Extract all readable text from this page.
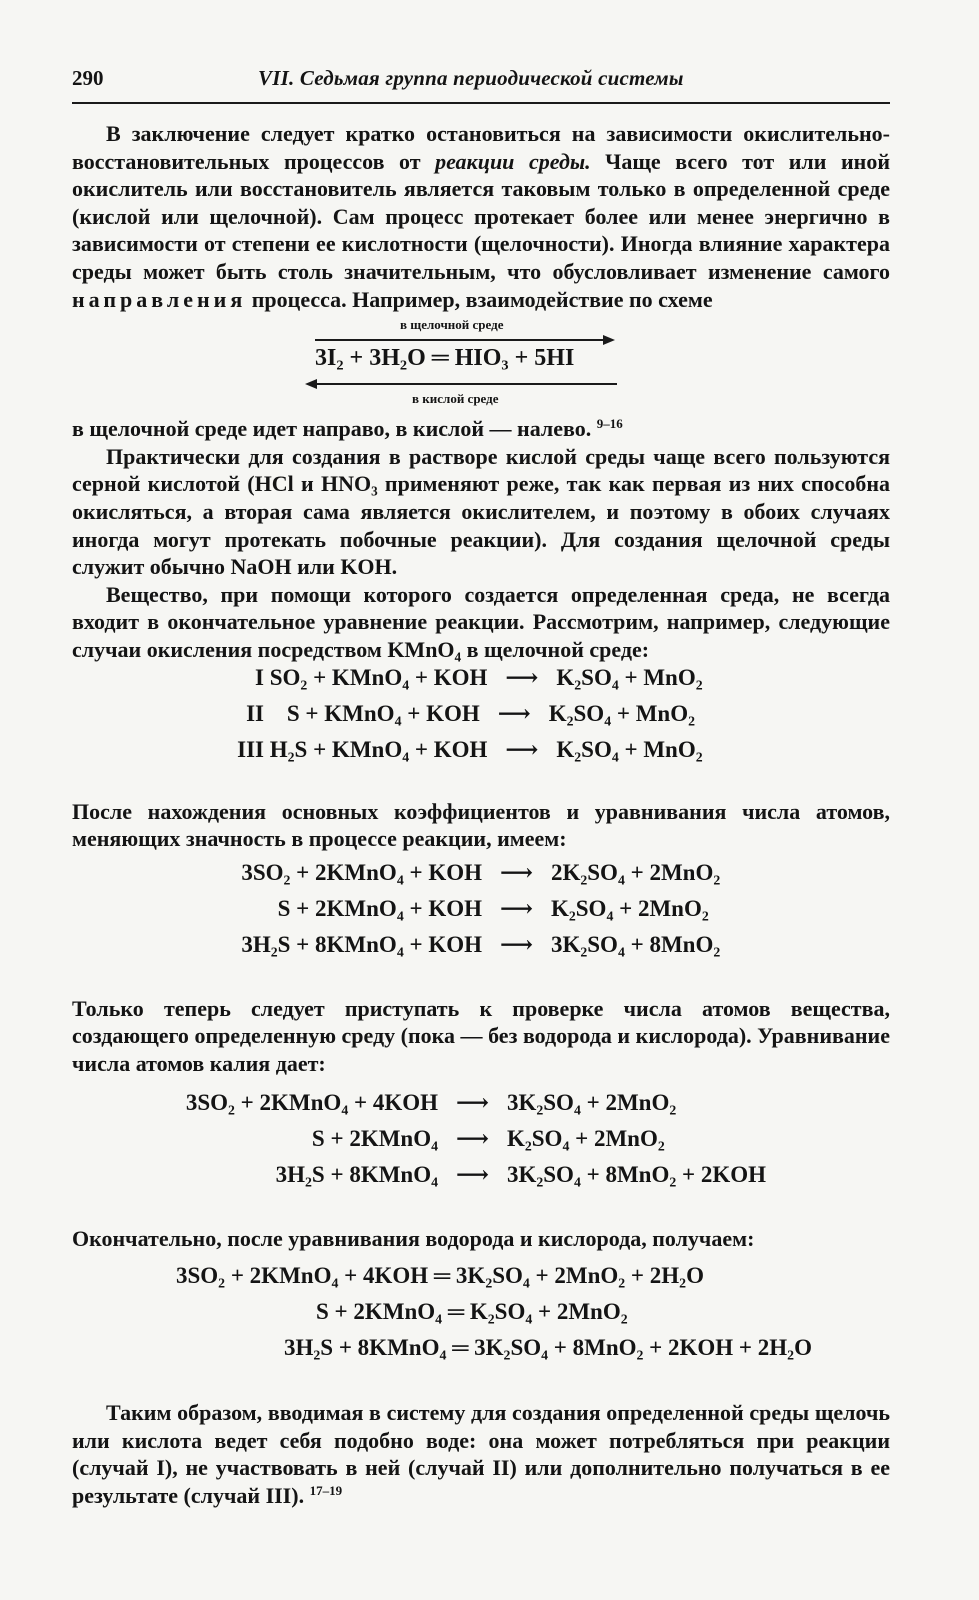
290	VII. Седьмая группа периодической системы

В заключение следует кратко остановиться на зависимости окислительно-восстановительных процессов от реакции среды. Чаще всего тот или иной окислитель или восстановитель является таковым только в определенной среде (кислой или щелочной). Сам процесс протекает более или менее энергично в зависимости от степени ее кислотности (щелочности). Иногда влияние характера среды может быть столь значительным, что обусловливает изменение самого направления процесса. Например, взаимодействие по схеме

в щелочной среде
3I₂ + 3H₂O ═ HIO₃ + 5HI
в кислой среде

в щелочной среде идет направо, в кислой — налево. $^{9-16}$

Практически для создания в растворе кислой среды чаще всего пользуются серной кислотой (HCl и HNO₃ применяют реже, так как первая из них способна окисляться, а вторая сама является окислителем, и поэтому в обоих случаях иногда могут протекать побочные реакции). Для создания щелочной среды служит обычно NaOH или KOH.

Вещество, при помощи которого создается определенная среда, не всегда входит в окончательное уравнение реакции. Рассмотрим, например, следующие случаи окисления посредством KMnO₄ в щелочной среде:

I SO₂ + KMnO₄ + KOH ⟶ K₂SO₄ + MnO₂
II S + KMnO₄ + KOH ⟶ K₂SO₄ + MnO₂
III H₂S + KMnO₄ + KOH ⟶ K₂SO₄ + MnO₂

После нахождения основных коэффициентов и уравнивания числа атомов, меняющих значность в процессе реакции, имеем:

3SO₂ + 2KMnO₄ + KOH ⟶ 2K₂SO₄ + 2MnO₂
S + 2KMnO₄ + KOH ⟶ K₂SO₄ + 2MnO₂
3H₂S + 8KMnO₄ + KOH ⟶ 3K₂SO₄ + 8MnO₂

Только теперь следует приступать к проверке числа атомов вещества, создающего определенную среду (пока — без водорода и кислорода). Уравнивание числа атомов калия дает:

3SO₂ + 2KMnO₄ + 4KOH ⟶ 3K₂SO₄ + 2MnO₂
S + 2KMnO₄ ⟶ K₂SO₄ + 2MnO₂
3H₂S + 8KMnO₄ ⟶ 3K₂SO₄ + 8MnO₂ + 2KOH

Окончательно, после уравнивания водорода и кислорода, получаем:

3SO₂ + 2KMnO₄ + 4KOH ═ 3K₂SO₄ + 2MnO₂ + 2H₂O
S + 2KMnO₄ ═ K₂SO₄ + 2MnO₂
3H₂S + 8KMnO₄ ═ 3K₂SO₄ + 8MnO₂ + 2KOH + 2H₂O

Таким образом, вводимая в систему для создания определенной среды щелочь или кислота ведет себя подобно воде: она может потребляться при реакции (случай I), не участвовать в ней (случай II) или дополнительно получаться в ее результате (случай III). $^{17-19}$
